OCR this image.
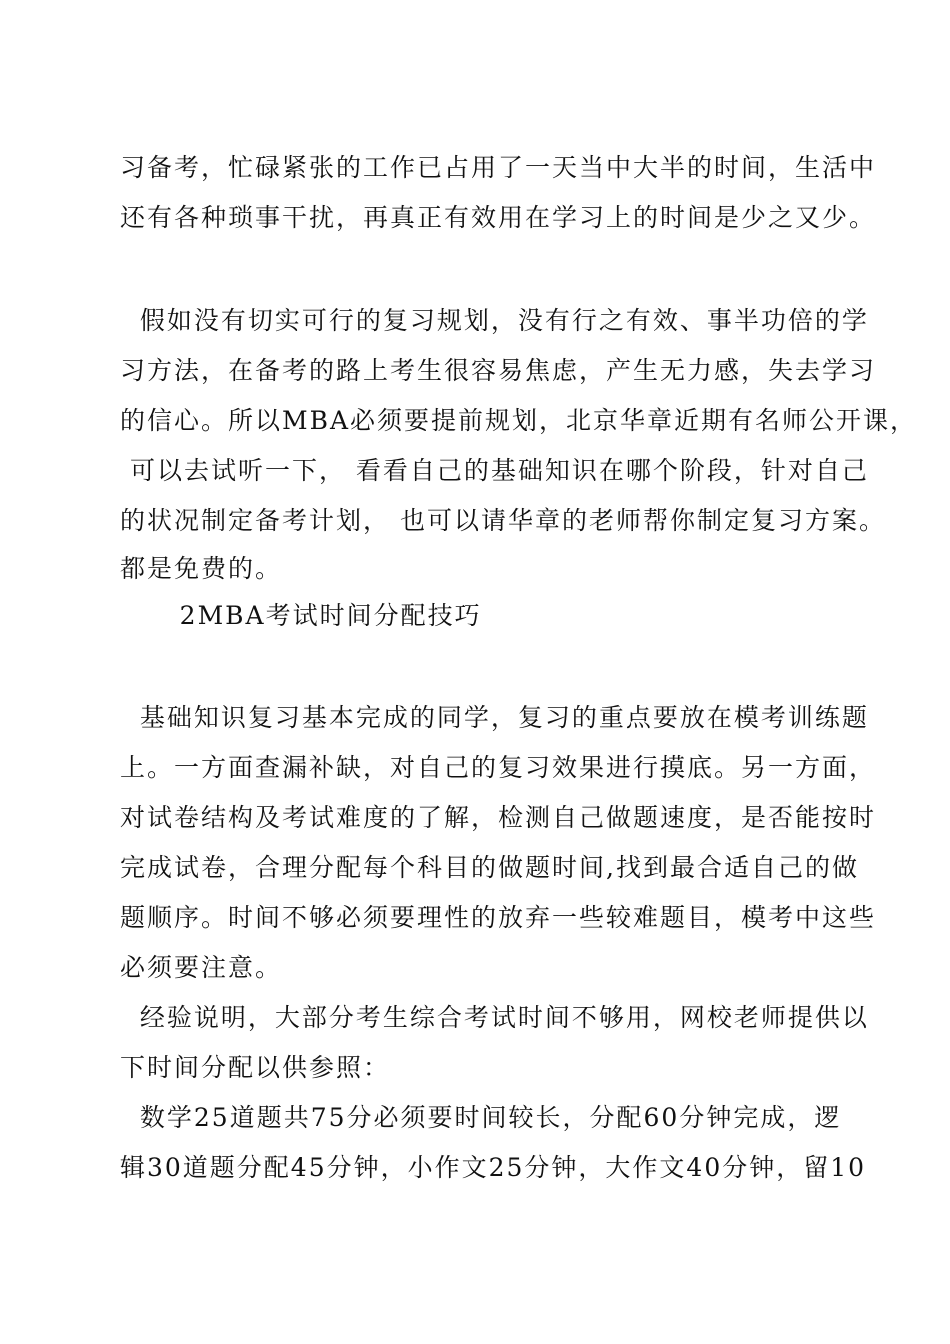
习备考，忙碌紧张的工作已占用了一天当中大半的时间，生活中
还有各种琐事干扰，再真正有效用在学习上的时间是少之又少。
假如没有切实可行的复习规划，没有行之有效、事半功倍的学
习方法，在备考的路上考生很容易焦虑，产生无力感，失去学习
的信心。所以MBA必须要提前规划，北京华章近期有名师公开课，
可以去试听一下， 看看自己的基础知识在哪个阶段，针对自己
的状况制定备考计划， 也可以请华章的老师帮你制定复习方案。
都是免费的。
2MBA考试时间分配技巧
基础知识复习基本完成的同学，复习的重点要放在模考训练题
上。一方面查漏补缺，对自己的复习效果进行摸底。另一方面，
对试卷结构及考试难度的了解，检测自己做题速度，是否能按时
完成试卷，合理分配每个科目的做题时间,找到最合适自己的做
题顺序。时间不够必须要理性的放弃一些较难题目，模考中这些
必须要注意。
经验说明，大部分考生综合考试时间不够用，网校老师提供以
下时间分配以供参照：
数学25道题共75分必须要时间较长，分配60分钟完成，逻
辑30道题分配45分钟，小作文25分钟，大作文40分钟，留10
